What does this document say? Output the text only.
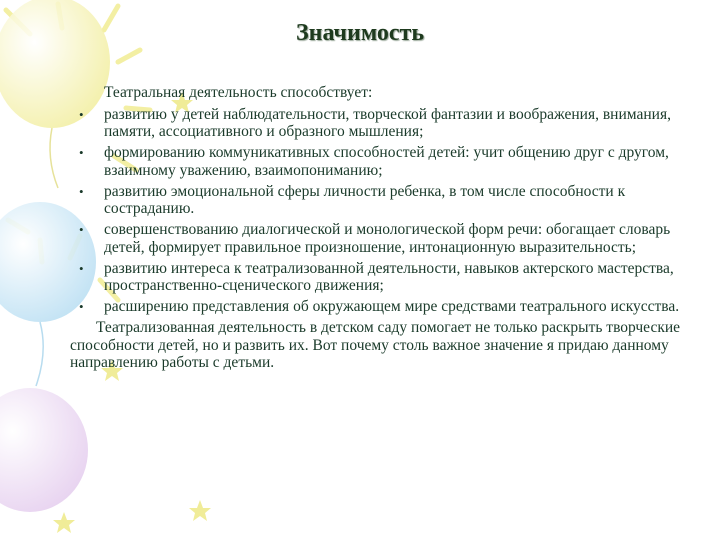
Значимость
Театральная деятельность способствует:
• развитию у детей наблюдательности, творческой фантазии и воображения, внимания, памяти, ассоциативного и образного мышления;
• формированию коммуникативных способностей детей: учит общению друг с другом, взаимному уважению, взаимопониманию;
• развитию эмоциональной сферы личности ребенка, в том числе способности к состраданию.
• совершенствованию диалогической и монологической форм речи: обогащает словарь детей, формирует правильное произношение, интонационную выразительность;
• развитию интереса к театрализованной деятельности, навыков актерского мастерства, пространственно-сценического движения;
• расширению представления об окружающем мире средствами театрального искусства.
Театрализованная деятельность в детском саду помогает не только раскрыть творческие способности детей, но и развить их. Вот почему столь важное значение я придаю данному направлению работы с детьми.
